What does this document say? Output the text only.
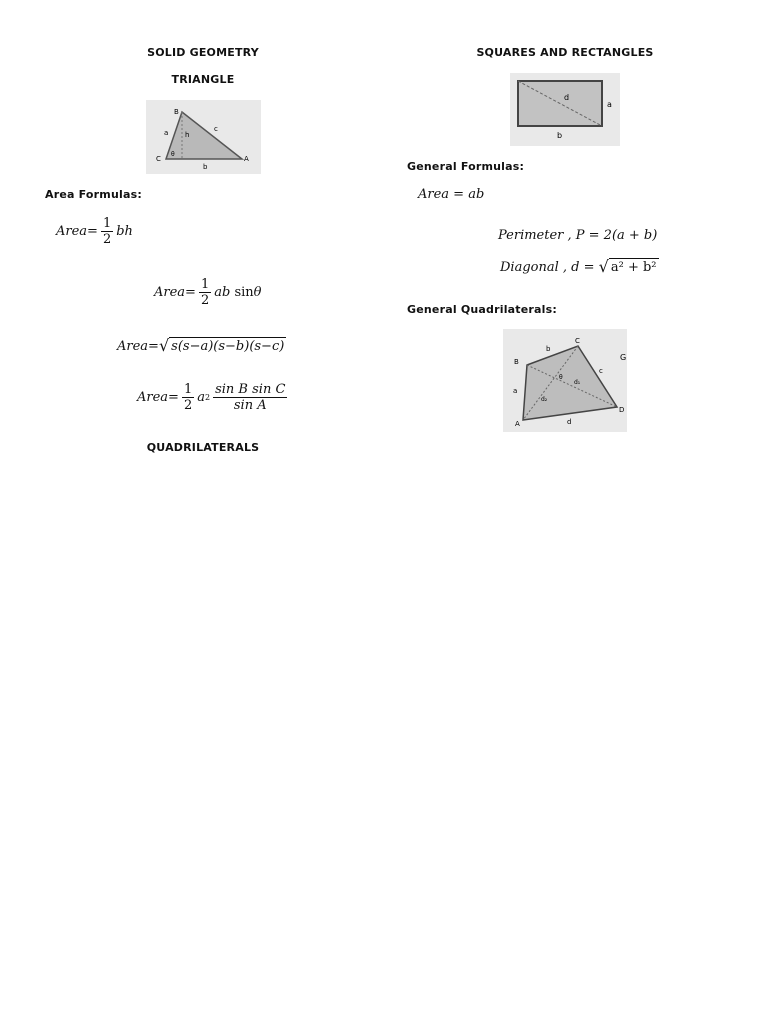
SOLID GEOMETRY
TRIANGLE
B
C	A
a	c
b
h
θ
Area Formulas:
Area = $\frac{1}{2}$ bh
Area = $\frac{1}{2}$ ab
sin θ
Area = √ s(s−a)(s−b)(s−c)
Area = $\frac{1}{2}$ a $2 \frac{\text{sin B sin C}}{\text{sin A}}$
QUADRILATERALS
SQUARES AND RECTANGLES
d
a
b
General Formulas:
Area = ab
Perimeter , P = 2(a + b)
Diagonal , d =
√ a² + b²
General Quadrilaterals:
B
C
D
A
b
c
d
a
d₁
d₂
θ
G
